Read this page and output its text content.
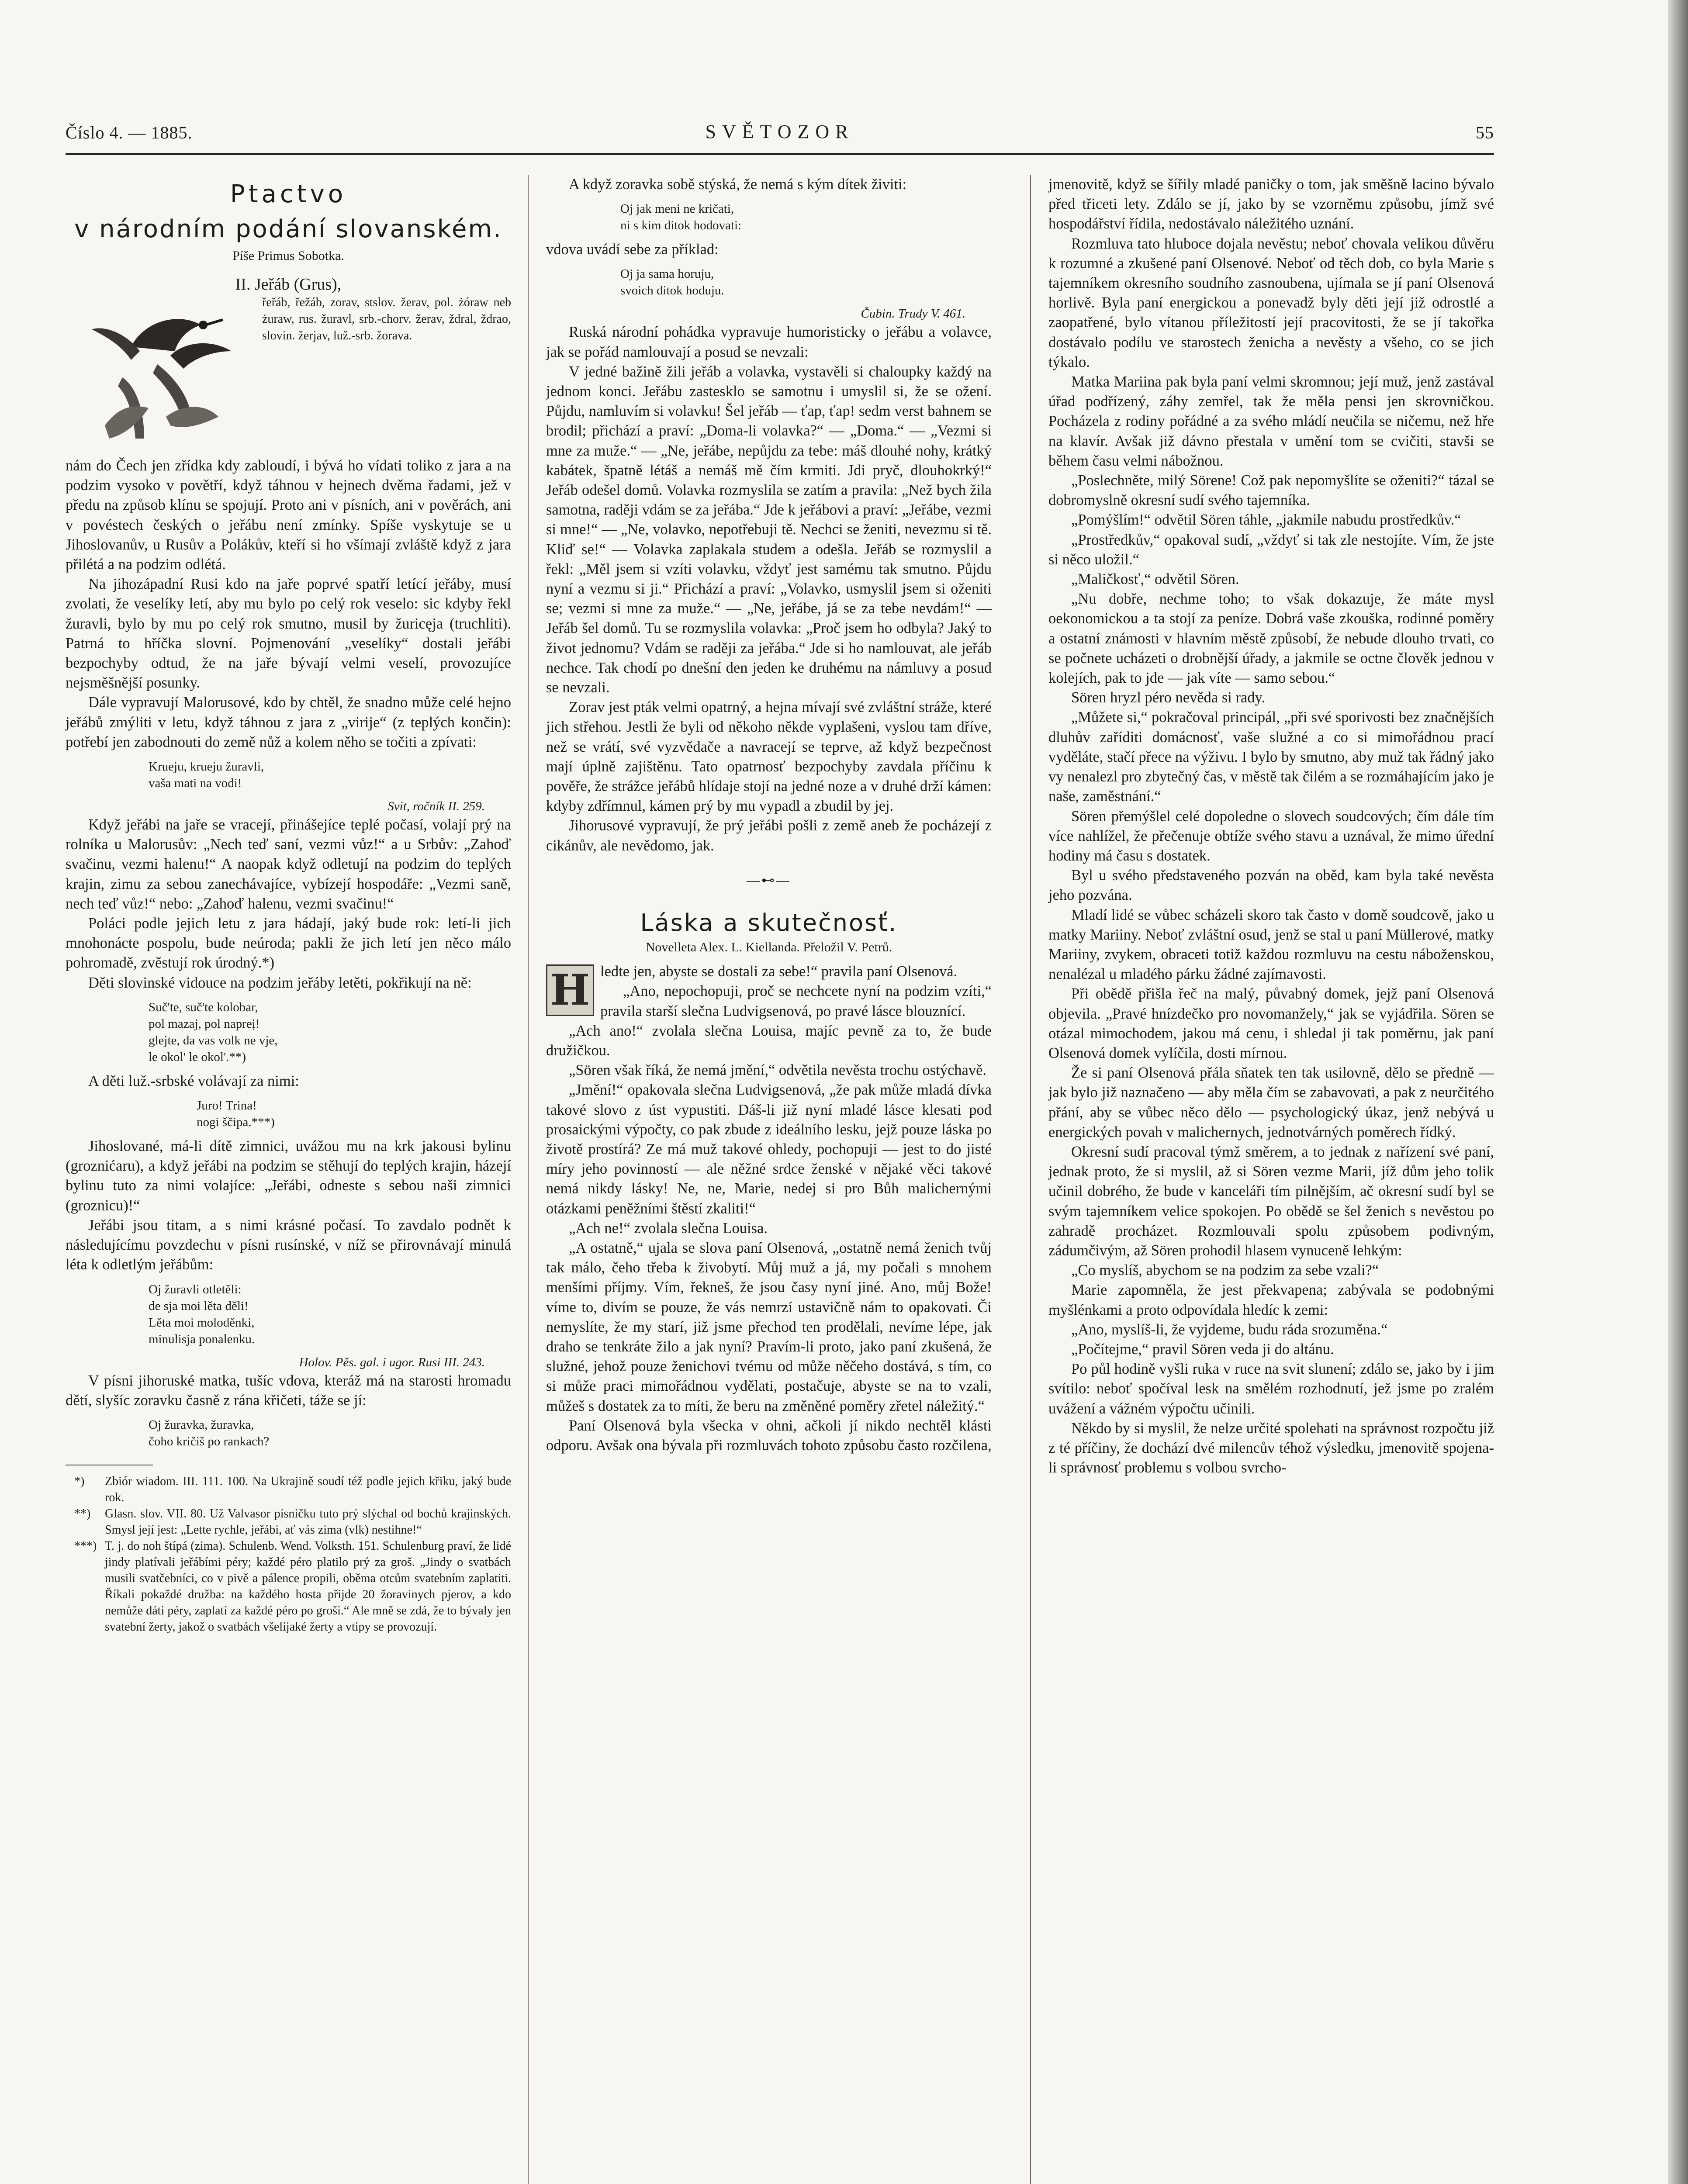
Číslo 4. — 1885.	SVĚTOZOR	55
Ptactvo
v národním podání slovanském.
Píše Primus Sobotka.
II. Jeřáb (Grus),
řeřáb, řežáb, zorav, stslov. žerav, pol. żóraw neb żuraw, rus. žuravl, srb.-chorv. žerav, ždral, ždrao, slovin. žerjav, luž.-srb. žorava.

nám do Čech jen zřídka kdy zabloudí, i bývá ho vídati toliko z jara a na podzim vysoko v povětří, když táhnou v hejnech dvěma řadami, jež v předu na způsob klínu se spojují. Proto ani v písních, ani v pověrách, ani v povéstech českých o jeřábu není zmínky. Spíše vyskytuje se u Jihoslovanův, u Rusův a Polákův, kteří si ho všímají zvláště když z jara přilétá a na podzim odlétá.

Na jihozápadní Rusi kdo na jaře poprvé spatří letící jeřáby, musí zvolati, že veselíky letí, aby mu bylo po celý rok veselo: sic kdyby řekl žuravli, bylo by mu po celý rok smutno, musil by žuricęja (truchliti). Patrná to hříčka slovní. Pojmenování „veselíky“ dostali jeřábi bezpochyby odtud, že na jaře bývají velmi veselí, provozujíce nejsměšnější posunky.

Dále vypravují Malorusové, kdo by chtěl, že snadno může celé hejno jeřábů zmýliti v letu, když táhnou z jara z „virije“ (z teplých končin): potřebí jen zabodnouti do země nůž a kolem něho se točiti a zpívati:

Krueju, krueju žuravli,
vaša mati na vodi!
Svit, ročník II. 259.

Když jeřábi na jaře se vracejí, přinášejíce teplé počasí, volají prý na rolníka u Malorusův: „Nech teď saní, vezmi vůz!“ a u Srbův: „Zahoď svačinu, vezmi halenu!“ A naopak když odletují na podzim do teplých krajin, zimu za sebou zanechávajíce, vybízejí hospodáře: „Vezmi saně, nech teď vůz!“ nebo: „Zahoď halenu, vezmi svačinu!“

Poláci podle jejich letu z jara hádají, jaký bude rok: letí-li jich mnohonácte pospolu, bude neúroda; pakli že jich letí jen něco málo pohromadě, zvěstují rok úrodný.*)

Děti slovinské vidouce na podzim jeřáby letěti, pokřikují na ně:

Suč'te, suč'te kolobar,
pol mazaj, pol napreị!
glejte, da vas volk ne vje,
le okol' le okol'.**)

A děti luž.-srbské volávají za nimi:

Juro! Trina!
nogi ščipa.***)

Jihoslované, má-li dítě zimnici, uvážou mu na krk jakousi bylinu (groznićaru), a když jeřábi na podzim se stěhují do teplých krajin, házejí bylinu tuto za nimi volajíce: „Jeřábi, odneste s sebou naši zimnici (groznicu)!“

Jeřábi jsou titam, a s nimi krásné počasí. To zavdalo podnět k následujícímu povzdechu v písni rusínské, v níž se přirovnávají minulá léta k odletlým jeřábům:

Oj žuravli otletěli:
de sja moi lěta děli!
Lěta moi moloděnki,
minulisja ponalenku.
Holov. Pěs. gal. i ugor. Rusi III. 243.

V písni jihoruské matka, tušíc vdova, kteráž má na starosti hromadu dětí, slyšíc zoravku časně z rána křičeti, táže se jí:

Oj žuravka, žuravka,
čoho kričiš po rankach?
*) Zbiór wiadom. III. 111. 100. Na Ukrajině soudí též podle jejich křiku, jaký bude rok.
**) Glasn. slov. VII. 80. Už Valvasor písničku tuto prý slýchal od bochů krajinských. Smysl její jest: „Lette rychle, jeřábi, ať vás zima (vlk) nestihne!“
***) T. j. do noh štípá (zima). Schulenb. Wend. Volksth. 151. Schulenburg praví, že lidé jindy platívali jeřábími péry; každé péro platilo prý za groš. „Jindy o svatbách musili svatčebníci, co v pivě a pálence propili, oběma otcům svatebním zaplatiti. Říkali pokaždé družba: na každého hosta přijde 20 žoravinych pjerov, a kdo nemůže dáti péry, zaplatí za každé péro po groši.“ Ale mně se zdá, že to bývaly jen svatební žerty, jakož o svatbách všelijaké žerty a vtipy se provozují.

A když zoravka sobě stýská, že nemá s kým dítek živiti:

Oj jak meni ne kričati,
ni s kim ditok hodovati:

vdova uvádí sebe za příklad:

Oj ja sama horuju,
svoich ditok hoduju.
Čubin. Trudy V. 461.

Ruská národní pohádka vypravuje humoristicky o jeřábu a volavce, jak se pořád namlouvají a posud se nevzali:

V jedné bažině žili jeřáb a volavka, vystavěli si chaloupky každý na jednom konci. Jeřábu zastesklo se samotnu i umyslil si, že se ožení. Půjdu, namluvím si volavku! Šel jeřáb — ťap, ťap! sedm verst bahnem se brodil; přichází a praví: „Doma-li volavka?“ — „Doma.“ — „Vezmi si mne za muže.“ — „Ne, jeřábe, nepůjdu za tebe: máš dlouhé nohy, krátký kabátek, špatně létáš a nemáš mě čím krmiti. Jdi pryč, dlouhokrký!“ Jeřáb odešel domů. Volavka rozmyslila se zatím a pravila: „Než bych žila samotna, raději vdám se za jeřába.“ Jde k jeřábovi a praví: „Jeřábe, vezmi si mne!“ — „Ne, volavko, nepotřebuji tě. Nechci se ženiti, nevezmu si tě. Kliď se!“ — Volavka zaplakala studem a odešla. Jeřáb se rozmyslil a řekl: „Měl jsem si vzíti volavku, vždyť jest samému tak smutno. Půjdu nyní a vezmu si ji.“ Přichází a praví: „Volavko, usmyslil jsem si oženiti se; vezmi si mne za muže.“ — „Ne, jeřábe, já se za tebe nevdám!“ — Jeřáb šel domů. Tu se rozmyslila volavka: „Proč jsem ho odbyla? Jaký to život jednomu? Vdám se raději za jeřába.“ Jde si ho namlouvat, ale jeřáb nechce. Tak chodí po dnešní den jeden ke druhému na námluvy a posud se nevzali.

Zorav jest pták velmi opatrný, a hejna mívají své zvláštní stráže, které jich střehou. Jestli že byli od někoho někde vyplašeni, vyslou tam dříve, než se vrátí, své vyzvědače a navracejí se teprve, až když bezpečnost mají úplně zajištěnu. Tato opatrnosť bezpochyby zavdala příčinu k pověře, že strážce jeřábů hlídaje stojí na jedné noze a v druhé drží kámen: kdyby zdřímnul, kámen prý by mu vypadl a zbudil by jej.

Jihorusové vypravují, že prý jeřábi pošli z země aneb že pocházejí z cikánův, ale nevědomo, jak.

—⊷—
Láska a skutečnosť.
Novelleta Alex. L. Kiellanda. Přeložil V. Petrů.
H ledte jen, abyste se dostali za sebe!“ pravila paní Olsenová.

„Ano, nepochopuji, proč se nechcete nyní na podzim vzíti,“ pravila starší slečna Ludvigsenová, po pravé lásce blouznící.

„Ach ano!“ zvolala slečna Louisa, majíc pevně za to, že bude družičkou.

„Sören však říká, že nemá jmění,“ odvětila nevěsta trochu ostýchavě.

„Jmění!“ opakovala slečna Ludvigsenová, „že pak může mladá dívka takové slovo z úst vypustiti. Dáš-li již nyní mladé lásce klesati pod prosaickými výpočty, co pak zbude z ideálního lesku, jejž pouze láska po životě prostírá? Ze má muž takové ohledy, pochopuji — jest to do jisté míry jeho povinností — ale něžné srdce ženské v nějaké věci takové nemá nikdy lásky! Ne, ne, Marie, nedej si pro Bůh malichernými otázkami peněžními štěstí zkaliti!“

„Ach ne!“ zvolala slečna Louisa.

„A ostatně,“ ujala se slova paní Olsenová, „ostatně nemá ženich tvůj tak málo, čeho třeba k živobytí. Můj muž a já, my počali s mnohem menšími příjmy. Vím, řekneš, že jsou časy nyní jiné. Ano, můj Bože! víme to, divím se pouze, že vás nemrzí ustavičně nám to opakovati. Či nemyslíte, že my starí, již jsme přechod ten prodělali, nevíme lépe, jak draho se tenkráte žilo a jak nyní? Pravím-li proto, jako paní zkušená, že služné, jehož pouze ženichovi tvému od může něčeho dostává, s tím, co si může praci mimořádnou vydělati, postačuje, abyste se na to vzali, můžeš s dostatek za to míti, že beru na změněné poměry zřetel náležitý.“

Paní Olsenová byla všecka v ohni, ačkoli jí nikdo nechtěl klásti odporu. Avšak ona bývala při rozmluvách tohoto způsobu často rozčilena,

jmenovitě, když se šířily mladé paničky o tom, jak směšně lacino bývalo před třiceti lety. Zdálo se jí, jako by se vzorněmu způsobu, jímž své hospodářství řídila, nedostávalo náležitého uznání.

Rozmluva tato hluboce dojala nevěstu; neboť chovala velikou důvěru k rozumné a zkušené paní Olsenové. Neboť od těch dob, co byla Marie s tajemníkem okresního soudního zasnoubena, ujímala se jí paní Olsenová horlivě. Byla paní energickou a ponevadž byly děti její již odrostlé a zaopatřené, bylo vítanou příležitostí její pracovitosti, že se jí takořka dostávalo podílu ve starostech ženicha a nevěsty a všeho, co se jich týkalo.

Matka Mariina pak byla paní velmi skromnou; její muž, jenž zastával úřad podřízený, záhy zemřel, tak že měla pensi jen skrovničkou. Pocházela z rodiny pořádné a za svého mládí neučila se ničemu, než hře na klavír. Avšak již dávno přestala v umění tom se cvičiti, stavši se během času velmi nábožnou.

„Poslechněte, milý Sörene! Což pak nepomyšlíte se oženiti?“ tázal se dobromyslně okresní sudí svého tajemníka.

„Pomýšlím!“ odvětil Sören táhle, „jakmile nabudu prostředkův.“

„Prostředkův,“ opakoval sudí, „vždyť si tak zle nestojíte. Vím, že jste si něco uložil.“

„Maličkosť,“ odvětil Sören.

„Nu dobře, nechme toho; to však dokazuje, že máte mysl oekonomickou a ta stojí za peníze. Dobrá vaše zkouška, rodinné poměry a ostatní známosti v hlavním městě způsobí, že nebude dlouho trvati, co se počnete ucházeti o drobnější úřady, a jakmile se octne člověk jednou v kolejích, pak to jde — jak víte — samo sebou.“

Sören hryzl péro nevěda si rady.

„Můžete si,“ pokračoval principál, „při své sporivosti bez značnějších dluhův zaříditi domácnosť, vaše služné a co si mimořádnou prací vyděláte, stačí přece na výživu. I bylo by smutno, aby muž tak řádný jako vy nenalezl pro zbytečný čas, v městě tak čilém a se rozmáhajícím jako je naše, zaměstnání.“

Sören přemýšlel celé dopoledne o slovech soudcových; čím dále tím více nahlížel, že přečenuje obtíže svého stavu a uznával, že mimo úřední hodiny má času s dostatek.

Byl u svého představeného pozván na oběd, kam byla také nevěsta jeho pozvána.

Mladí lidé se vůbec scházeli skoro tak často v domě soudcově, jako u matky Mariiny. Neboť zvláštní osud, jenž se stal u paní Müllerové, matky Mariiny, zvykem, obraceti totiž každou rozmluvu na cestu náboženskou, nenalézal u mladého párku žádné zajímavosti.

Při obědě přišla řeč na malý, půvabný domek, jejž paní Olsenová objevila. „Pravé hnízdečko pro novomanžely,“ jak se vyjádřila. Sören se otázal mimochodem, jakou má cenu, i shledal ji tak poměrnu, jak paní Olsenová domek vylíčila, dosti mírnou.

Že si paní Olsenová přála sňatek ten tak usilovně, dělo se předně — jak bylo již naznačeno — aby měla čím se zabavovati, a pak z neurčitého přání, aby se vůbec něco dělo — psychologický úkaz, jenž nebývá u energických povah v malichernych, jednotvárných poměrech řídký.

Okresní sudí pracoval týmž směrem, a to jednak z nařízení své paní, jednak proto, že si myslil, až si Sören vezme Marii, jíž dům jeho tolik učinil dobrého, že bude v kanceláři tím pilnějším, ač okresní sudí byl se svým tajemníkem velice spokojen. Po obědě se šel ženich s nevěstou po zahradě procházet. Rozmlouvali spolu způsobem podivným, zádumčivým, až Sören prohodil hlasem vynuceně lehkým:

„Co myslíš, abychom se na podzim za sebe vzali?“

Marie zapomněla, že jest překvapena; zabývala se podobnými myšlénkami a proto odpovídala hledíc k zemi:

„Ano, myslíš-li, že vyjdeme, budu ráda srozuměna.“

„Počítejme,“ pravil Sören veda ji do altánu.

Po půl hodině vyšli ruka v ruce na svit slunení; zdálo se, jako by i jim svítilo: neboť spočíval lesk na smělém rozhodnutí, jež jsme po zralém uvážení a vážném výpočtu učinili.

Někdo by si myslil, že nelze určité spolehati na správnost rozpočtu již z té příčiny, že dochází dvé milencův téhož výsledku, jmenovitě spojena-li správnosť problemu s volbou svrcho-
